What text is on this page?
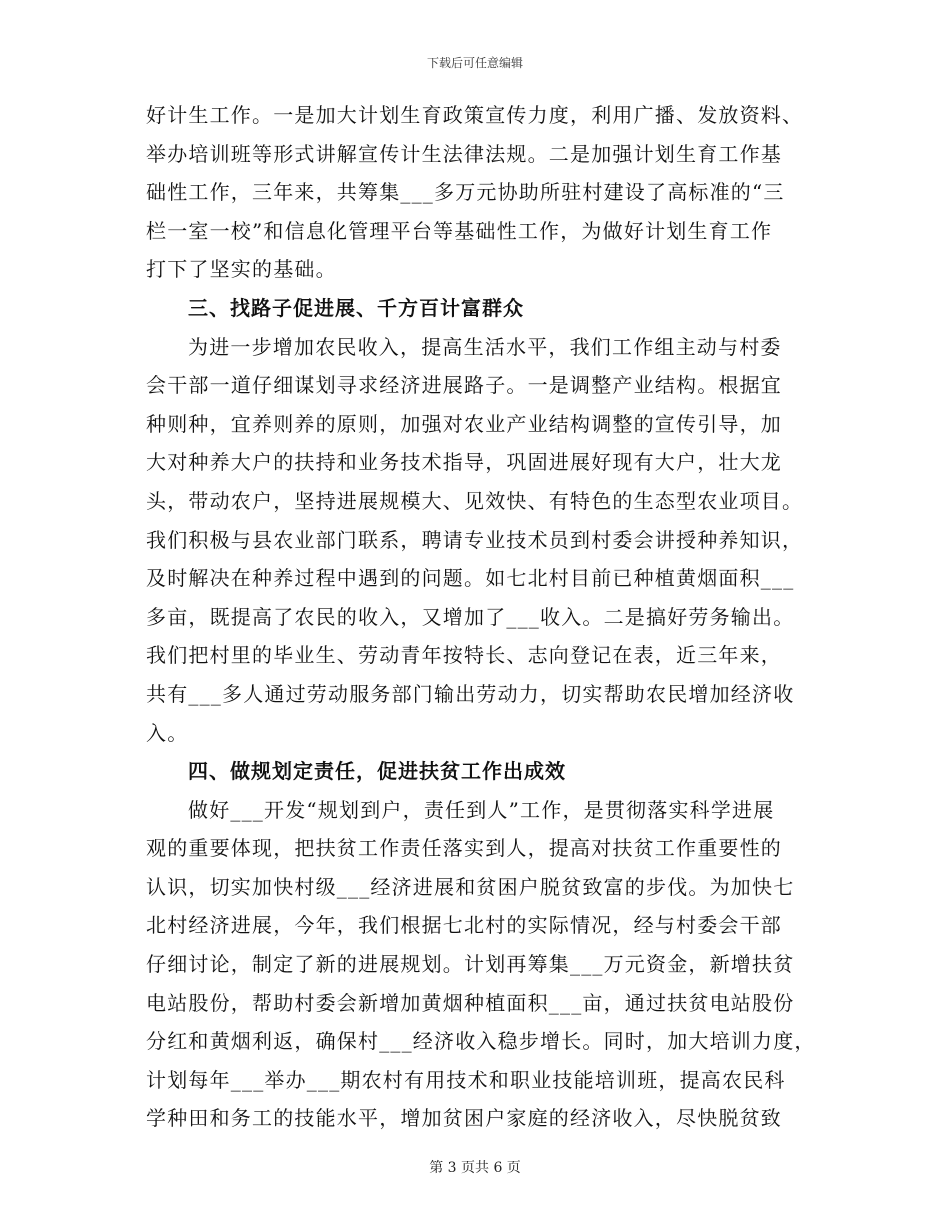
下载后可任意编辑
好计生工作。一是加大计划生育政策宣传力度，利用广播、发放资料、
举办培训班等形式讲解宣传计生法律法规。二是加强计划生育工作基
础性工作，三年来，共筹集___多万元协助所驻村建设了高标准的“三
栏一室一校”和信息化管理平台等基础性工作，为做好计划生育工作
打下了坚实的基础。
三、找路子促进展、千方百计富群众
为进一步增加农民收入，提高生活水平，我们工作组主动与村委
会干部一道仔细谋划寻求经济进展路子。一是调整产业结构。根据宜
种则种，宜养则养的原则，加强对农业产业结构调整的宣传引导，加
大对种养大户的扶持和业务技术指导，巩固进展好现有大户，壮大龙
头，带动农户，坚持进展规模大、见效快、有特色的生态型农业项目。
我们积极与县农业部门联系，聘请专业技术员到村委会讲授种养知识，
及时解决在种养过程中遇到的问题。如七北村目前已种植黄烟面积___
多亩，既提高了农民的收入，又增加了___收入。二是搞好劳务输出。
我们把村里的毕业生、劳动青年按特长、志向登记在表，近三年来，
共有___多人通过劳动服务部门输出劳动力，切实帮助农民增加经济收
入。
四、做规划定责任，促进扶贫工作出成效
做好___开发“规划到户，责任到人”工作，是贯彻落实科学进展
观的重要体现，把扶贫工作责任落实到人，提高对扶贫工作重要性的
认识，切实加快村级___经济进展和贫困户脱贫致富的步伐。为加快七
北村经济进展，今年，我们根据七北村的实际情况，经与村委会干部
仔细讨论，制定了新的进展规划。计划再筹集___万元资金，新增扶贫
电站股份，帮助村委会新增加黄烟种植面积___亩，通过扶贫电站股份
分红和黄烟利返，确保村___经济收入稳步增长。同时，加大培训力度，
计划每年___举办___期农村有用技术和职业技能培训班，提高农民科
学种田和务工的技能水平，增加贫困户家庭的经济收入，尽快脱贫致
第 3 页共 6 页
